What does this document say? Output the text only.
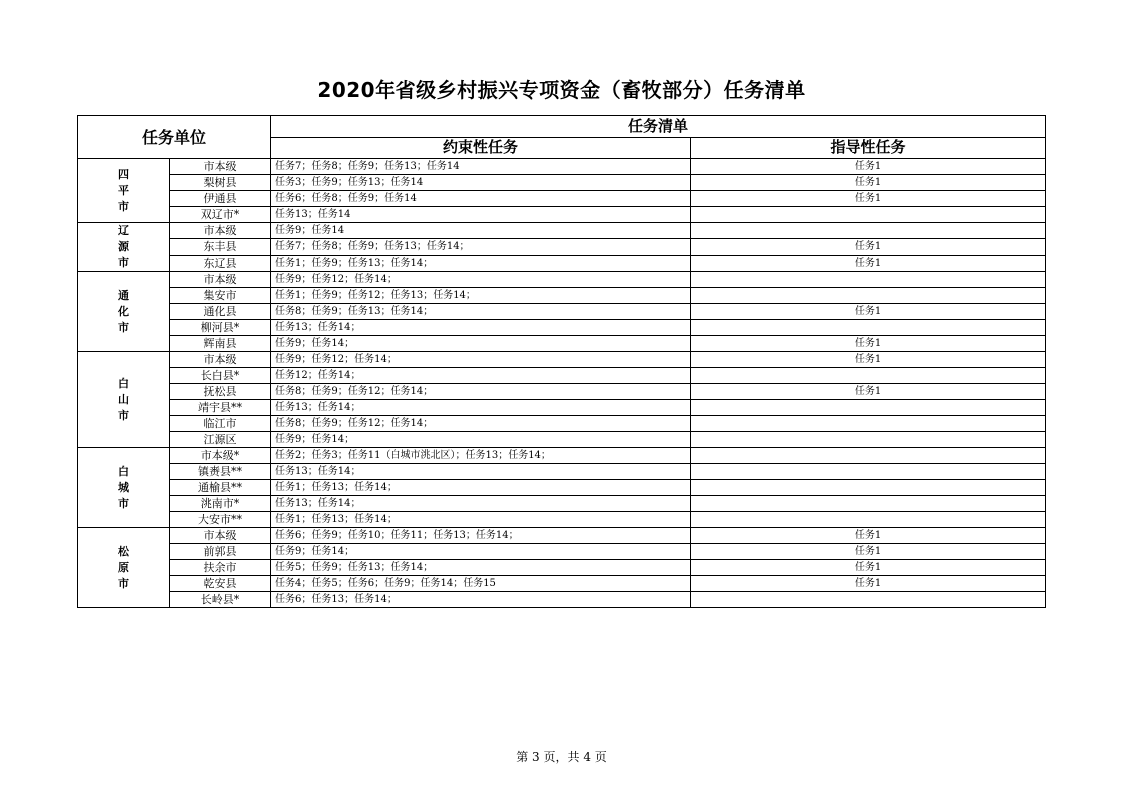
2020年省级乡村振兴专项资金（畜牧部分）任务清单
任务单位		任务清单	
		约束性任务	指导性任务

四平市	市本级	任务7；任务8；任务9；任务13；任务14	任务1
	梨树县	任务3；任务9；任务13；任务14	任务1
	伊通县	任务6；任务8；任务9；任务14	任务1
	双辽市*	任务13；任务14	

辽源市	市本级	任务9；任务14	
	东丰县	任务7；任务8；任务9；任务13；任务14；	任务1
	东辽县	任务1；任务9；任务13；任务14；	任务1

通化市	市本级	任务9；任务12；任务14；	
	集安市	任务1；任务9；任务12；任务13；任务14；	
	通化县	任务8；任务9；任务13；任务14；	任务1
	柳河县*	任务13；任务14；	
	辉南县	任务9；任务14；	任务1

白山市	市本级	任务9；任务12；任务14；	任务1
	长白县*	任务12；任务14；	
	抚松县	任务8；任务9；任务12；任务14；	任务1
	靖宇县**	任务13；任务14；	
	临江市	任务8；任务9；任务12；任务14；	
	江源区	任务9；任务14；	

白城市	市本级*	任务2；任务3；任务11（白城市洮北区）；任务13；任务14；	
	镇赉县**	任务13；任务14；	
	通榆县**	任务1；任务13；任务14；	
	洮南市*	任务13；任务14；	
	大安市**	任务1；任务13；任务14；	

松原市	市本级	任务6；任务9；任务10；任务11；任务13；任务14；	任务1
	前郭县	任务9；任务14；	任务1
	扶余市	任务5；任务9；任务13；任务14；	任务1
	乾安县	任务4；任务5；任务6；任务9；任务14；任务15	任务1
	长岭县*	任务6；任务13；任务14；	
第 3 页，共 4 页
